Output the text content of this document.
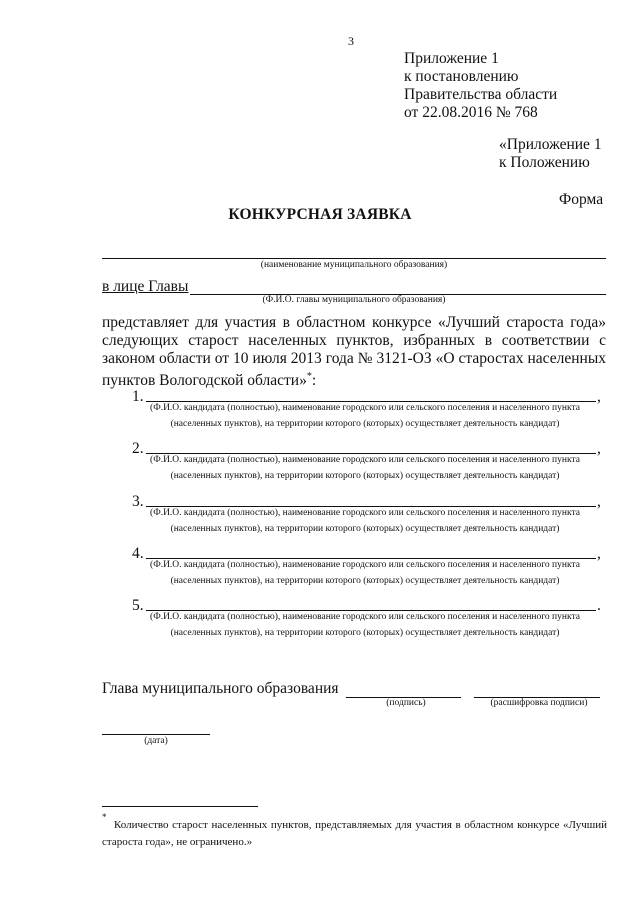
3
Приложение 1
к постановлению
Правительства области
от 22.08.2016 № 768
«Приложение 1
к Положению
Форма
КОНКУРСНАЯ ЗАЯВКА
(наименование муниципального образования)
в лице Главы
(Ф.И.О. главы муниципального образования)
представляет для участия в областном конкурсе «Лучший староста года» следующих старост населенных пунктов, избранных в соответствии с законом области от 10 июля 2013 года № 3121-ОЗ «О старостах населенных пунктов Вологодской области»*:
1.	,
(Ф.И.О. кандидата (полностью), наименование городского или сельского поселения и населенного пункта
(населенных пунктов), на территории которого (которых) осуществляет деятельность кандидат)
2.	,
(Ф.И.О. кандидата (полностью), наименование городского или сельского поселения и населенного пункта
(населенных пунктов), на территории которого (которых) осуществляет деятельность кандидат)
3.	,
(Ф.И.О. кандидата (полностью), наименование городского или сельского поселения и населенного пункта
(населенных пунктов), на территории которого (которых) осуществляет деятельность кандидат)
4.	,
(Ф.И.О. кандидата (полностью), наименование городского или сельского поселения и населенного пункта
(населенных пунктов), на территории которого (которых) осуществляет деятельность кандидат)
5.	.
(Ф.И.О. кандидата (полностью), наименование городского или сельского поселения и населенного пункта
(населенных пунктов), на территории которого (которых) осуществляет деятельность кандидат)
Глава муниципального образования
(подпись)	(расшифровка подписи)
(дата)
*
Количество старост населенных пунктов, представляемых для участия в областном конкурсе «Лучший староста года», не ограничено.»
